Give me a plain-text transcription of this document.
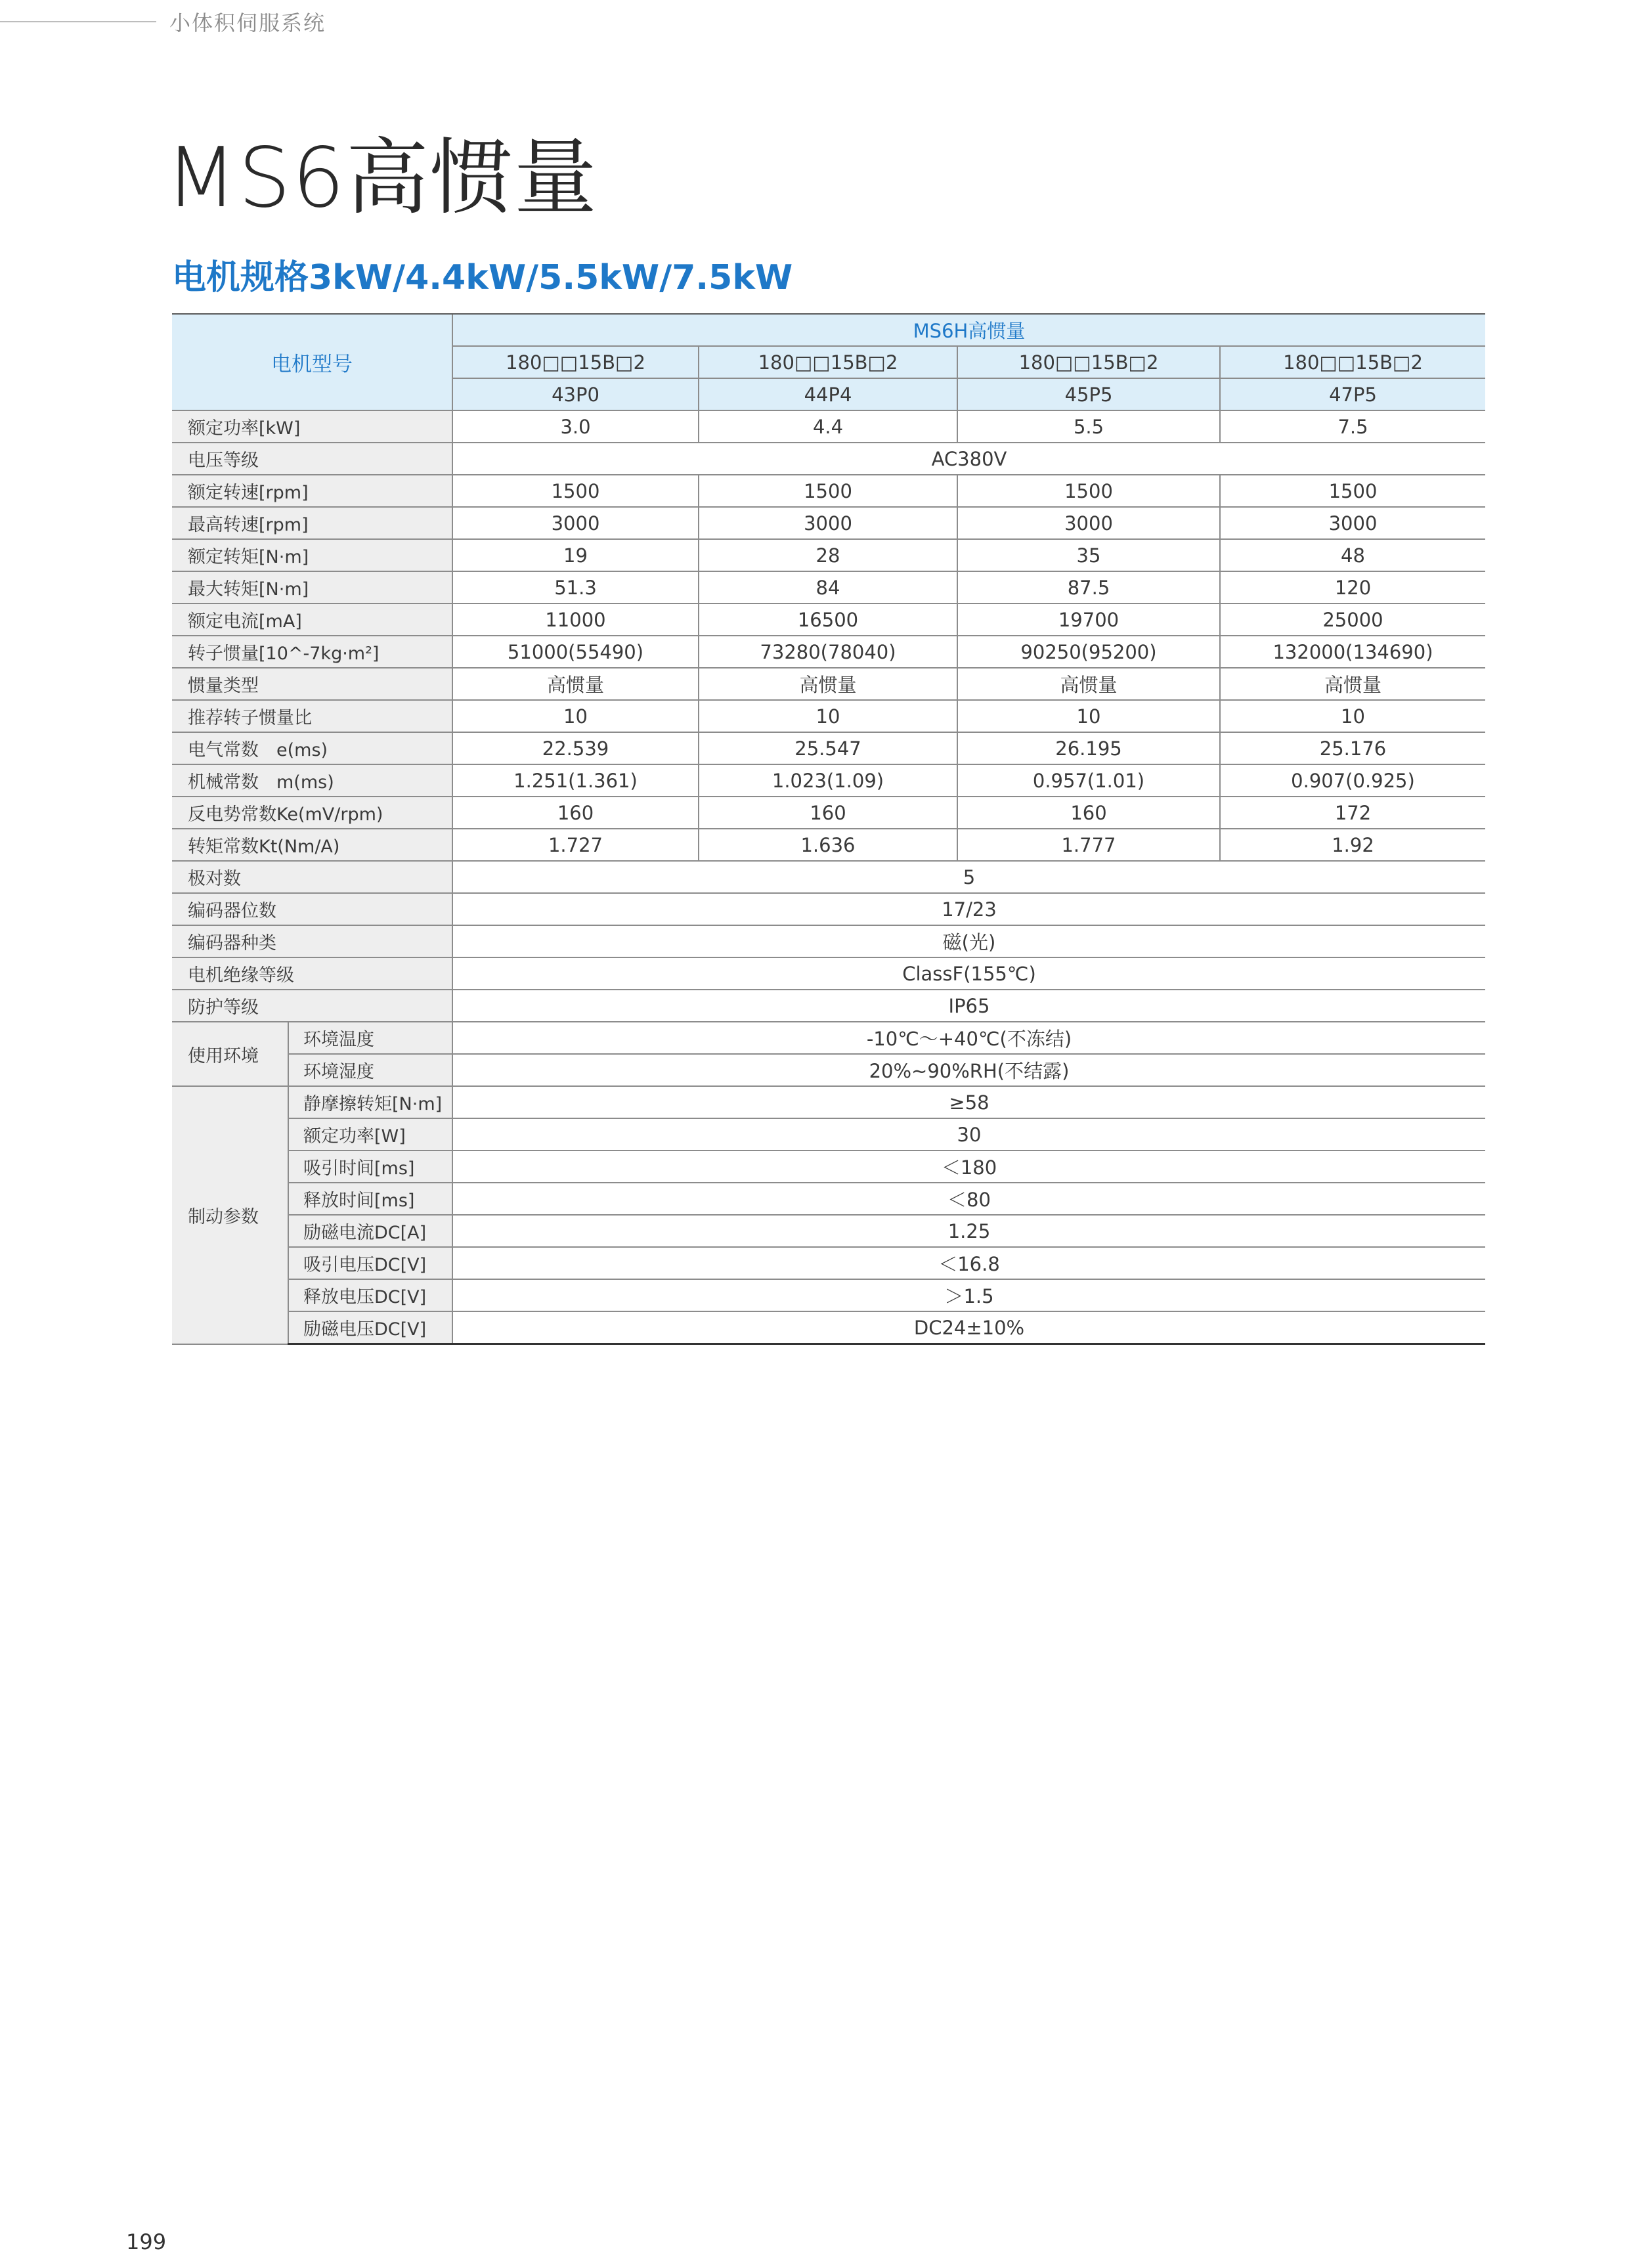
小体积伺服系统
MS6高惯量
电机规格3kW/4.4kW/5.5kW/7.5kW
电机型号		MS6H高惯量			
		180□□15B□2	180□□15B□2	180□□15B□2	180□□15B□2
		43P0	44P4	45P5	47P5
额定功率[kW]		3.0	4.4	5.5	7.5
电压等级		AC380V			
额定转速[rpm]		1500	1500	1500	1500
最高转速[rpm]		3000	3000	3000	3000
额定转矩[N·m]		19	28	35	48
最大转矩[N·m]		51.3	84	87.5	120
额定电流[mA]		11000	16500	19700	25000
转子惯量[10^-7kg·m²]		51000(55490)	73280(78040)	90250(95200)	132000(134690)
惯量类型		高惯量	高惯量	高惯量	高惯量
推荐转子惯量比		10	10	10	10
电气常数　e(ms)		22.539	25.547	26.195	25.176
机械常数　m(ms)		1.251(1.361)	1.023(1.09)	0.957(1.01)	0.907(0.925)
反电势常数Ke(mV/rpm)		160	160	160	172
转矩常数Kt(Nm/A)		1.727	1.636	1.777	1.92
极对数		5			
编码器位数		17/23			
编码器种类		磁(光)			
电机绝缘等级		ClassF(155℃)			
防护等级		IP65			
使用环境	环境温度	-10℃～+40℃(不冻结)			
	环境湿度	20%~90%RH(不结露)			
制动参数	静摩擦转矩[N·m]	≥58			
	额定功率[W]	30			
	吸引时间[ms]	＜180			
	释放时间[ms]	＜80			
	励磁电流DC[A]	1.25			
	吸引电压DC[V]	＜16.8			
	释放电压DC[V]	＞1.5			
	励磁电压DC[V]	DC24±10%			
199
